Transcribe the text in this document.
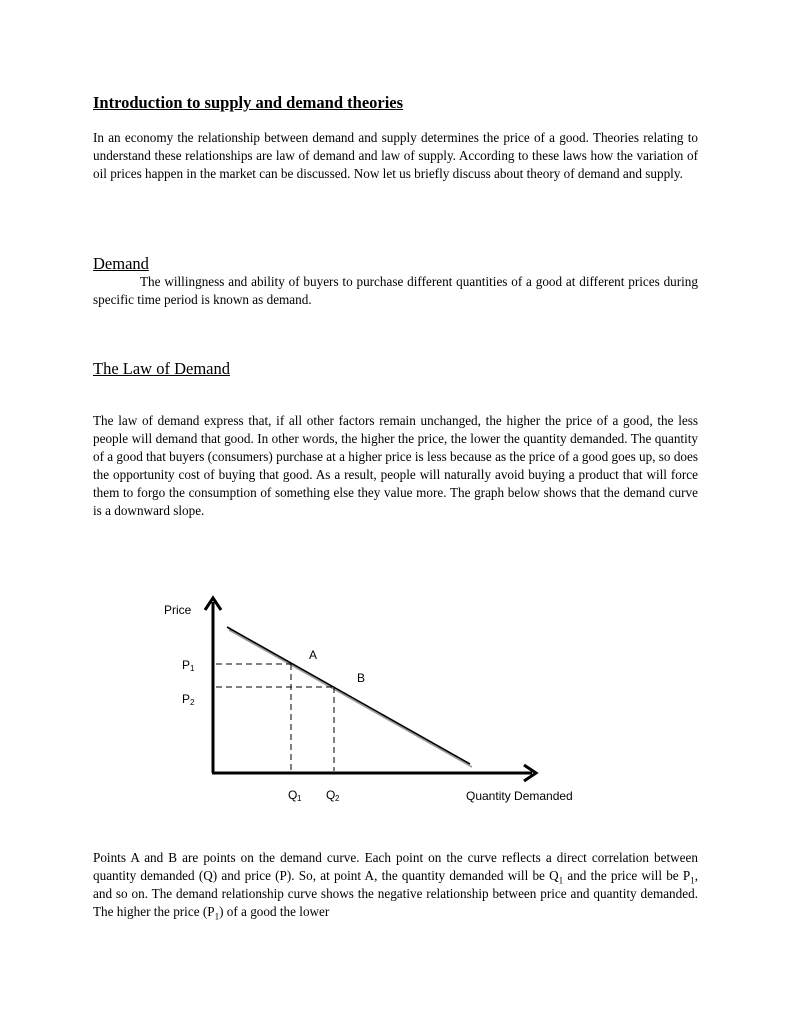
Introduction to supply and demand theories

In an economy the relationship between demand and supply determines the price of a good. Theories relating to understand these relationships are law of demand and law of supply. According to these laws how the variation of oil prices happen in the market can be discussed. Now let us briefly discuss about theory of demand and supply.

Demand

The willingness and ability of buyers to purchase different quantities of a good at different prices during specific time period is known as demand.

The Law of Demand

The law of demand express that, if all other factors remain unchanged, the higher the price of a good, the less people will demand that good. In other words, the higher the price, the lower the quantity demanded. The quantity of a good that buyers (consumers) purchase at a higher price is less because as the price of a good goes up, so does the opportunity cost of buying that good. As a result, people will naturally avoid buying a product that will force them to forgo the consumption of something else they value more. The graph below shows that the demand curve is a downward slope.

Price
Quantity Demanded
A
B
P 1
P 2
Q 1 Q 2

Points A and B are points on the demand curve. Each point on the curve reflects a direct correlation between quantity demanded (Q) and price (P). So, at point A, the quantity demanded will be $Q_1$ and the price will be $P_1$, and so on. The demand relationship curve shows the negative relationship between price and quantity demanded. The higher the price $(P_1)$ of a good the lower
